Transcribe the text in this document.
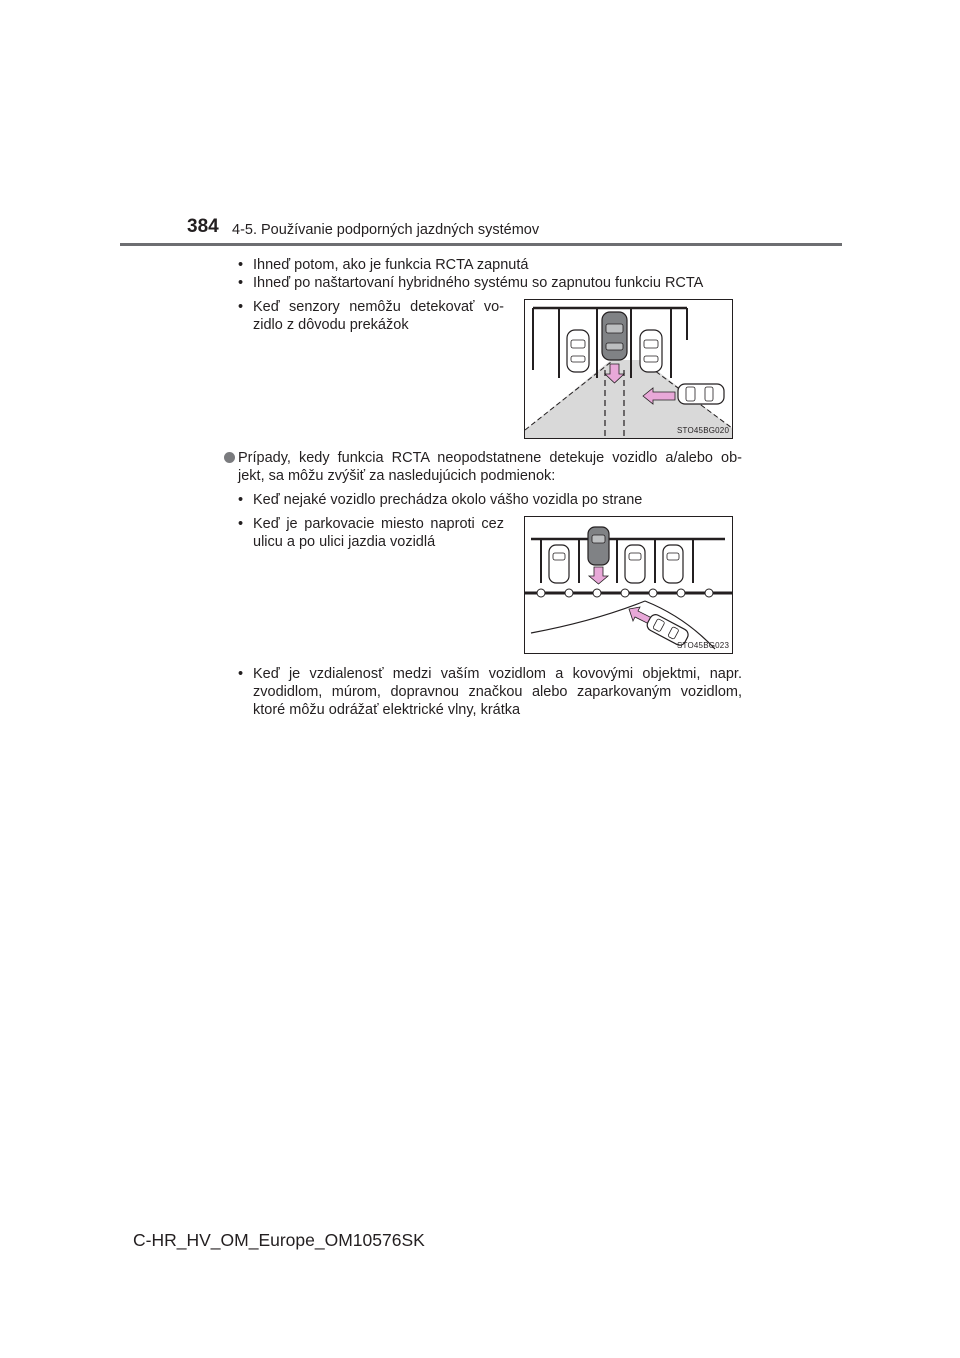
384 4-5. Používanie podporných jazdných systémov
• Ihneď potom, ako je funkcia RCTA zapnutá
• Ihneď po naštartovaní hybridného systému so zapnutou funkciu RCTA
• Keď senzory nemôžu detekovať vo-
zidlo z dôvodu prekážok
STO45BG020
Prípady, kedy funkcia RCTA neopodstatnene detekuje vozidlo a/alebo ob-
jekt, sa môžu zvýšiť za nasledujúcich podmienok:
• Keď nejaké vozidlo prechádza okolo vášho vozidla po strane
• Keď je parkovacie miesto naproti cez
ulicu a po ulici jazdia vozidlá
STO45BG023
• Keď je vzdialenosť medzi vaším vozidlom a kovovými objektmi, napr.
zvodidlom, múrom, dopravnou značkou alebo zaparkovaným vozidlom,
ktoré môžu odrážať elektrické vlny, krátka
C-HR_HV_OM_Europe_OM10576SK
